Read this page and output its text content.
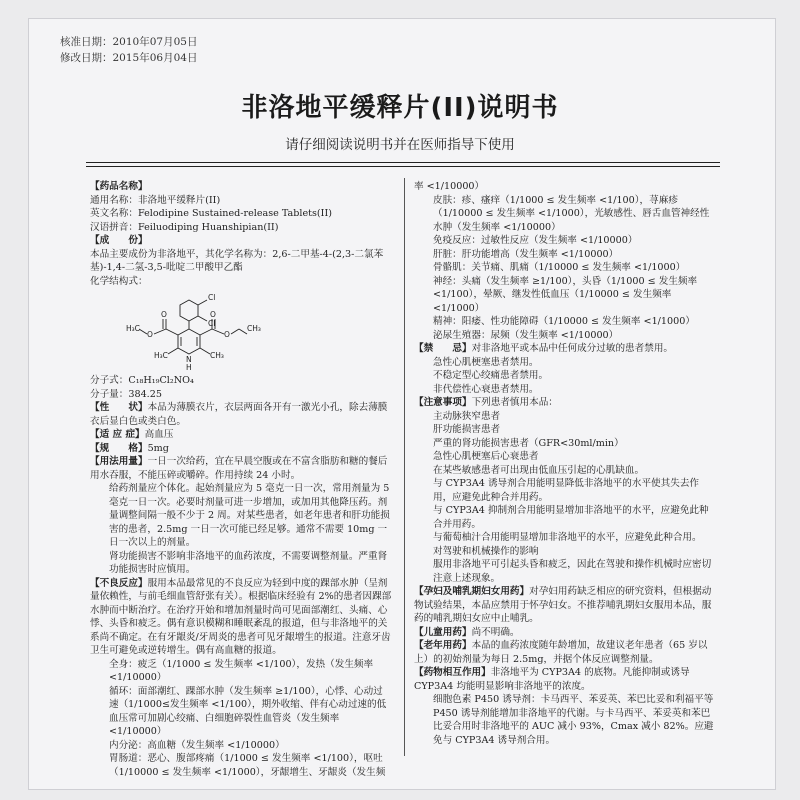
核准日期：2010年07月05日
修改日期：2015年06月04日
非洛地平缓释片(II)说明书
请仔细阅读说明书并在医师指导下使用

【药品名称】

通用名称：非洛地平缓释片(II)

英文名称：Felodipine Sustained-release Tablets(II)

汉语拼音：Feiluodiping Huanshipian(II)

【成　　份】

本品主要成份为非洛地平，其化学名称为：2,6-二甲基-4-(2,3-二氯苯基)-1,4-二氢-3,5-吡啶二甲酸甲乙酯

化学结构式：

Cl
Cl
O
O
O
O
N
H
H₃C
H₃C	CH₃
CH₃

分子式：C₁₈H₁₉Cl₂NO₄

分子量：384.25

【性　　状】本品为薄膜衣片，衣层两面各开有一激光小孔，除去薄膜衣后显白色或类白色。

【适 应 症】高血压

【规　　格】5mg

【用法用量】一日一次给药，宜在早晨空腹或在不富含脂肪和糖的餐后用水吞服，不能压碎或嚼碎。作用持续 24 小时。

给药剂量应个体化。起始剂量应为 5 毫克一日一次，常用剂量为 5 毫克一日一次。必要时剂量可进一步增加，或加用其他降压药。剂量调整间隔一般不少于 2 周。对某些患者，如老年患者和肝功能损害的患者，2.5mg 一日一次可能已经足够。通常不需要 10mg 一日一次以上的剂量。

肾功能损害不影响非洛地平的血药浓度，不需要调整剂量。严重肾功能损害时应慎用。

【不良反应】服用本品最常见的不良反应为轻到中度的踝部水肿（呈剂量依赖性，与前毛细血管舒张有关）。根据临床经验有 2%的患者因踝部水肿而中断治疗。在治疗开始和增加剂量时尚可见面部潮红、头痛、心悸、头昏和疲乏。偶有意识模糊和睡眠紊乱的报道，但与非洛地平的关系尚不确定。在有牙龈炎/牙周炎的患者可见牙龈增生的报道。注意牙齿卫生可避免或逆转增生。偶有高血糖的报道。

全身：疲乏（1/1000 ≤ 发生频率 <1/100），发热（发生频率 <1/10000）

循环：面部潮红、踝部水肿（发生频率 ≥1/100），心悸、心动过速（1/1000≤发生频率 <1/100），期外收缩、伴有心动过速的低血压常可加剧心绞痛、白细胞碎裂性血管炎（发生频率 <1/10000）

内分泌：高血糖（发生频率 <1/10000）

胃肠道：恶心、腹部疼痛（1/1000 ≤ 发生频率 <1/100），呕吐（1/10000 ≤ 发生频率 <1/1000），牙龈增生、牙龈炎（发生频

率 <1/10000）

皮肤：疹、瘙痒（1/1000 ≤ 发生频率 <1/100），荨麻疹（1/10000 ≤ 发生频率 <1/1000），光敏感性、唇舌血管神经性水肿（发生频率 <1/10000）

免疫反应：过敏性反应（发生频率 <1/10000）

肝脏：肝功能增高（发生频率 <1/10000）

骨骼肌：关节痛、肌痛（1/10000 ≤ 发生频率 <1/1000）

神经：头痛（发生频率 ≥1/100），头昏（1/1000 ≤ 发生频率 <1/100），晕厥、继发性低血压（1/10000 ≤ 发生频率 <1/1000）

精神：阳痿、性功能障碍（1/10000 ≤ 发生频率 <1/1000）

泌尿生殖器：尿频（发生频率 <1/10000）

【禁　　忌】对非洛地平或本品中任何成分过敏的患者禁用。

急性心肌梗塞患者禁用。

不稳定型心绞痛患者禁用。

非代偿性心衰患者禁用。

【注意事项】下列患者慎用本品：

主动脉狭窄患者

肝功能损害患者

严重的肾功能损害患者（GFR<30ml/min）

急性心肌梗塞后心衰患者

在某些敏感患者可出现由低血压引起的心肌缺血。

与 CYP3A4 诱导剂合用能明显降低非洛地平的水平使其失去作用，应避免此种合并用药。

与 CYP3A4 抑制剂合用能明显增加非洛地平的水平，应避免此种合并用药。

与葡萄柚汁合用能明显增加非洛地平的水平，应避免此种合用。

对驾驶和机械操作的影响

服用非洛地平可引起头昏和疲乏，因此在驾驶和操作机械时应密切注意上述现象。

【孕妇及哺乳期妇女用药】对孕妇用药缺乏相应的研究资料，但根据动物试验结果，本品应禁用于怀孕妇女。不推荐哺乳期妇女服用本品，服药的哺乳期妇女应中止哺乳。

【儿童用药】尚不明确。

【老年用药】本品的血药浓度随年龄增加，故建议老年患者（65 岁以上）的初始剂量为每日 2.5mg，并据个体反应调整剂量。

【药物相互作用】非洛地平为 CYP3A4 的底物。凡能抑制或诱导 CYP3A4 均能明显影响非洛地平的浓度。

细胞色素 P450 诱导剂：卡马西平、苯妥英、苯巴比妥和利福平等 P450 诱导剂能增加非洛地平的代谢。与卡马西平、苯妥英和苯巴比妥合用时非洛地平的 AUC 减小 93%，Cmax 减小 82%。应避免与 CYP3A4 诱导剂合用。
